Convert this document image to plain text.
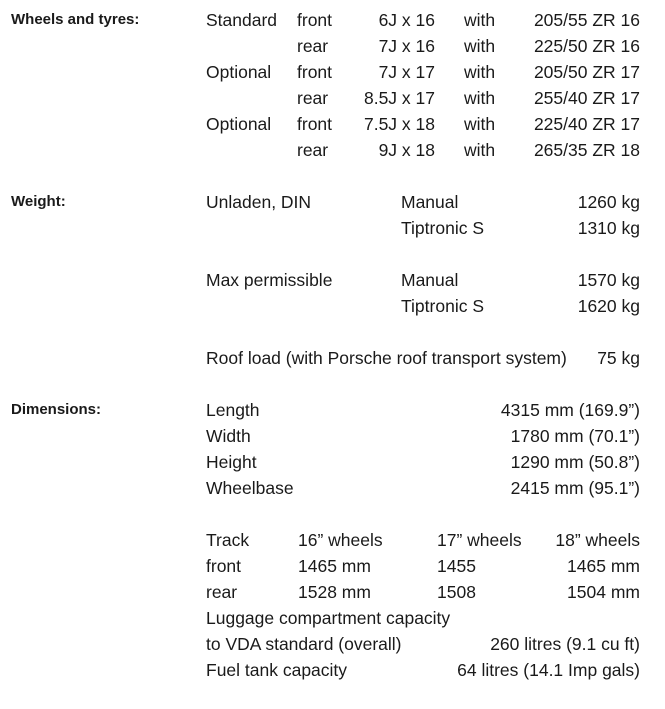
Wheels and tyres:	Standard front	6J x 16 with 205/55 ZR 16
rear	7J x 16 with 225/50 ZR 16
Optional front	7J x 17 with 205/50 ZR 17
rear 8.5J x 17 with 255/40 ZR 17
Optional front 7.5J x 18 with 225/40 ZR 17
rear	9J x 18 with 265/35 ZR 18
Weight:	Unladen, DIN	Manual	1260 kg
Tiptronic S	1310 kg
Max permissible	Manual	1570 kg
Tiptronic S	1620 kg
Roof load (with Porsche roof transport system) 75 kg
Dimensions:	Length	4315 mm (169.9”)
Width	1780 mm (70.1”)
Height	1290 mm (50.8”)
Wheelbase	2415 mm (95.1”)
Track	16” wheels	17” wheels 18” wheels
front	1465 mm	1455	1465 mm
rear	1528 mm	1508	1504 mm
Luggage compartment capacity
to VDA standard (overall)	260 litres (9.1 cu ft)
Fuel tank capacity	64 litres (14.1 Imp gals)
